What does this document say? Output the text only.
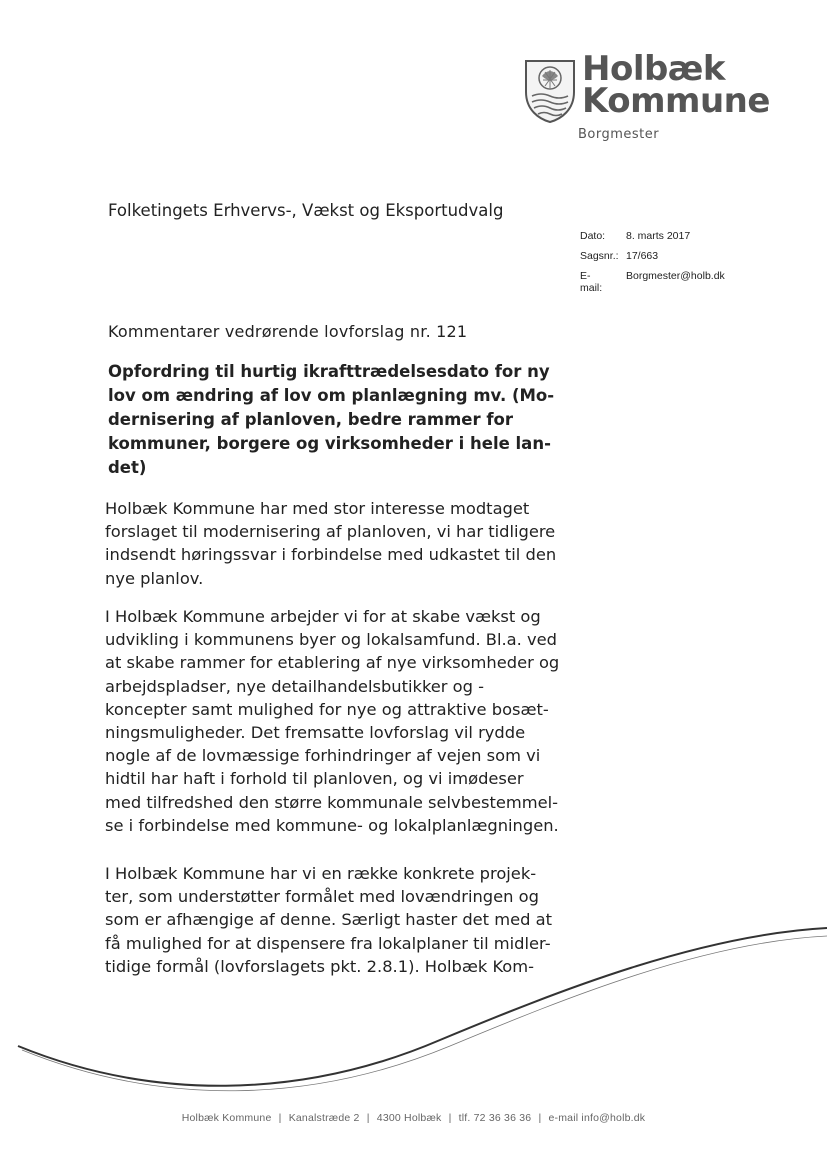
Holbæk
Kommune
Borgmester
Folketingets Erhvervs-, Vækst og Eksportudvalg
Dato: 8. marts 2017
Sagsnr.: 17/663
E-mail:
Borgmester@holb.dk
Kommentarer vedrørende lovforslag nr. 121
Opfordring til hurtig ikrafttrædelsesdato for ny
lov om ændring af lov om planlægning mv. (Mo-
dernisering af planloven, bedre rammer for
kommuner, borgere og virksomheder i hele lan-
det)
Holbæk Kommune har med stor interesse modtaget
forslaget til modernisering af planloven, vi har tidligere
indsendt høringssvar i forbindelse med udkastet til den
nye planlov.
I Holbæk Kommune arbejder vi for at skabe vækst og
udvikling i kommunens byer og lokalsamfund. Bl.a. ved
at skabe rammer for etablering af nye virksomheder og
arbejdspladser, nye detailhandelsbutikker og -
koncepter samt mulighed for nye og attraktive bosæt-
ningsmuligheder. Det fremsatte lovforslag vil rydde
nogle af de lovmæssige forhindringer af vejen som vi
hidtil har haft i forhold til planloven, og vi imødeser
med tilfredshed den større kommunale selvbestemmel-
se i forbindelse med kommune- og lokalplanlægningen.
I Holbæk Kommune har vi en række konkrete projek-
ter, som understøtter formålet med lovændringen og
som er afhængige af denne. Særligt haster det med at
få mulighed for at dispensere fra lokalplaner til midler-
tidige formål (lovforslagets pkt. 2.8.1). Holbæk Kom-
Holbæk Kommune | Kanalstræde 2 | 4300 Holbæk | tlf. 72 36 36 36 | e-mail info@holb.dk
